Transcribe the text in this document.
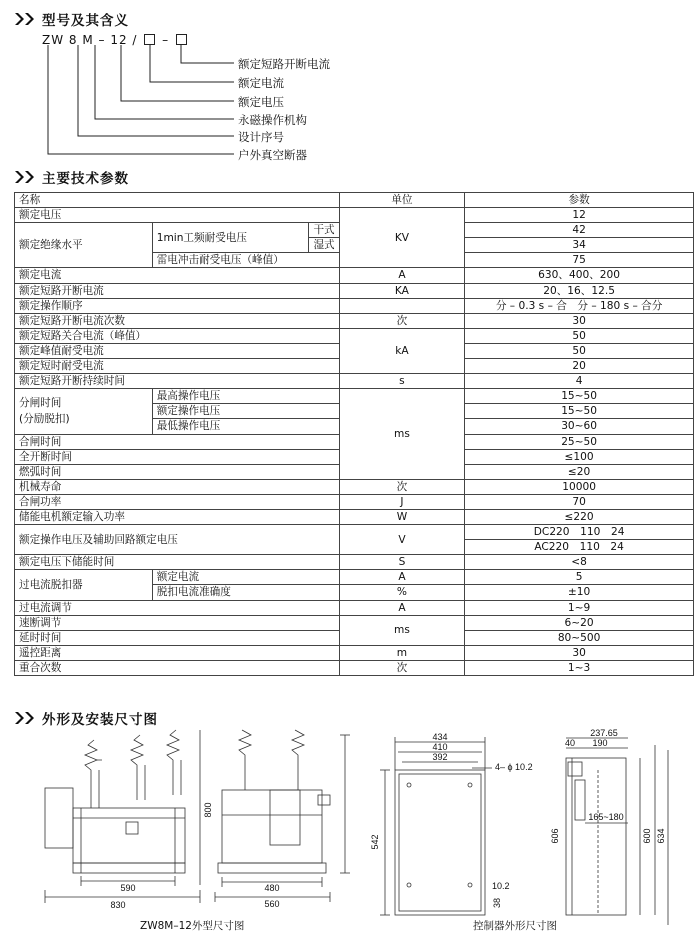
型号及其含义
ZW 8 M – 12 / –
额定短路开断电流
额定电流
额定电压
永磁操作机构
设计序号
户外真空断器
主要技术参数
名称			单位	参数
额定电压			KV	12
额定绝缘水平	1min工频耐受电压	干式		42
		湿式		34
	雷电冲击耐受电压（峰值）			75
额定电流			A	630、400、200
额定短路开断电流			KA	20、16、12.5
额定操作顺序				分 – 0.3 s – 合　分 – 180 s – 合分
额定短路开断电流次数			次	30
额定短路关合电流（峰值）			kA	50
额定峰值耐受电流				50
额定短时耐受电流				20
额定短路开断持续时间			s	4

分闸时间
(分励脱扣)	最高操作电压		ms	15~50
	额定操作电压			15~50
	最低操作电压			30~60
合闸时间				25~50
全开断时间				≤100
燃弧时间				≤20
机械寿命			次	10000
合闸功率			J	70
储能电机额定输入功率			W	≤220
额定操作电压及辅助回路额定电压			V	DC220　110　24
				AC220　110　24
额定电压下储能时间			S	<8
过电流脱扣器	额定电流		A	5
	脱扣电流准确度		%	±10
过电流调节			A	1~9
速断调节			ms	6~20
延时时间				80~500
遥控距离			m	30
重合次数			次	1~3
外形及安装尺寸图
590
830
800
480
560
434
410
392
542
4– ϕ 10.2
10.2
38
237.65
40 190
165~180
606	600 634
ZW8M–12外型尺寸图	控制器外形尺寸图
